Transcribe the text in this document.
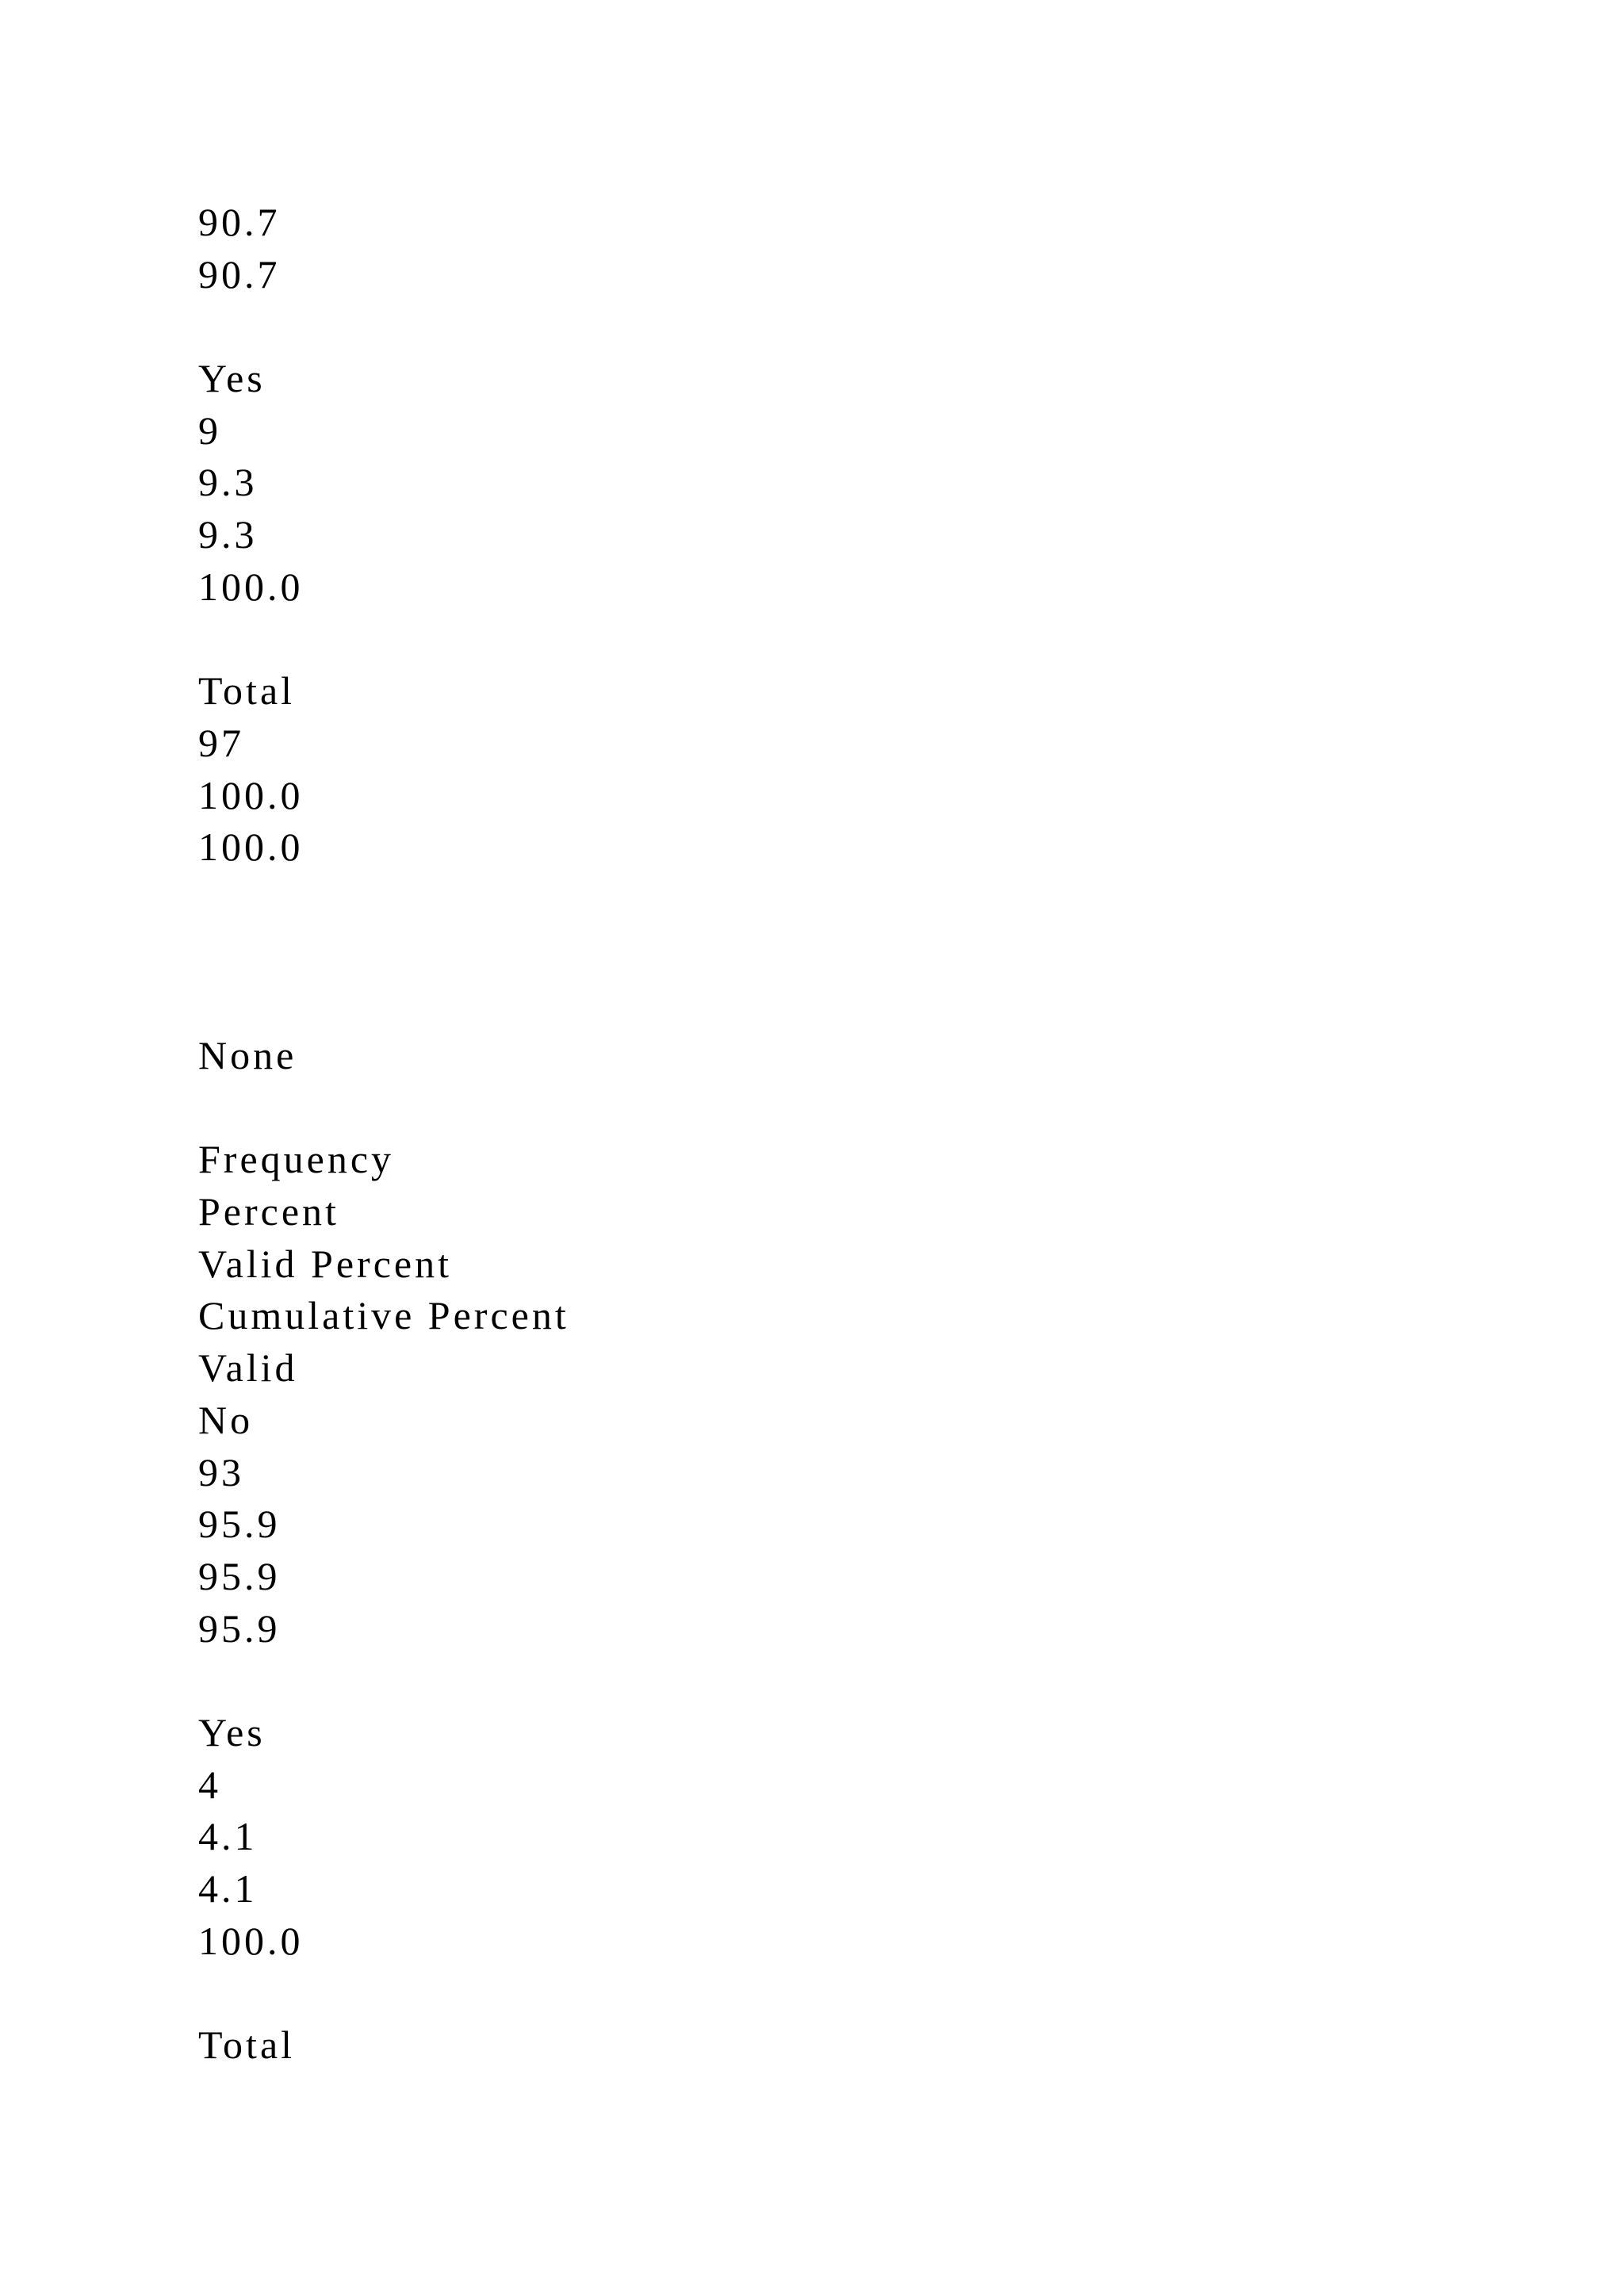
90.7
90.7
Yes
9
9.3
9.3
100.0
Total
97
100.0
100.0
None
Frequency
Percent
Valid Percent
Cumulative Percent
Valid
No
93
95.9
95.9
95.9
Yes
4
4.1
4.1
100.0
Total
